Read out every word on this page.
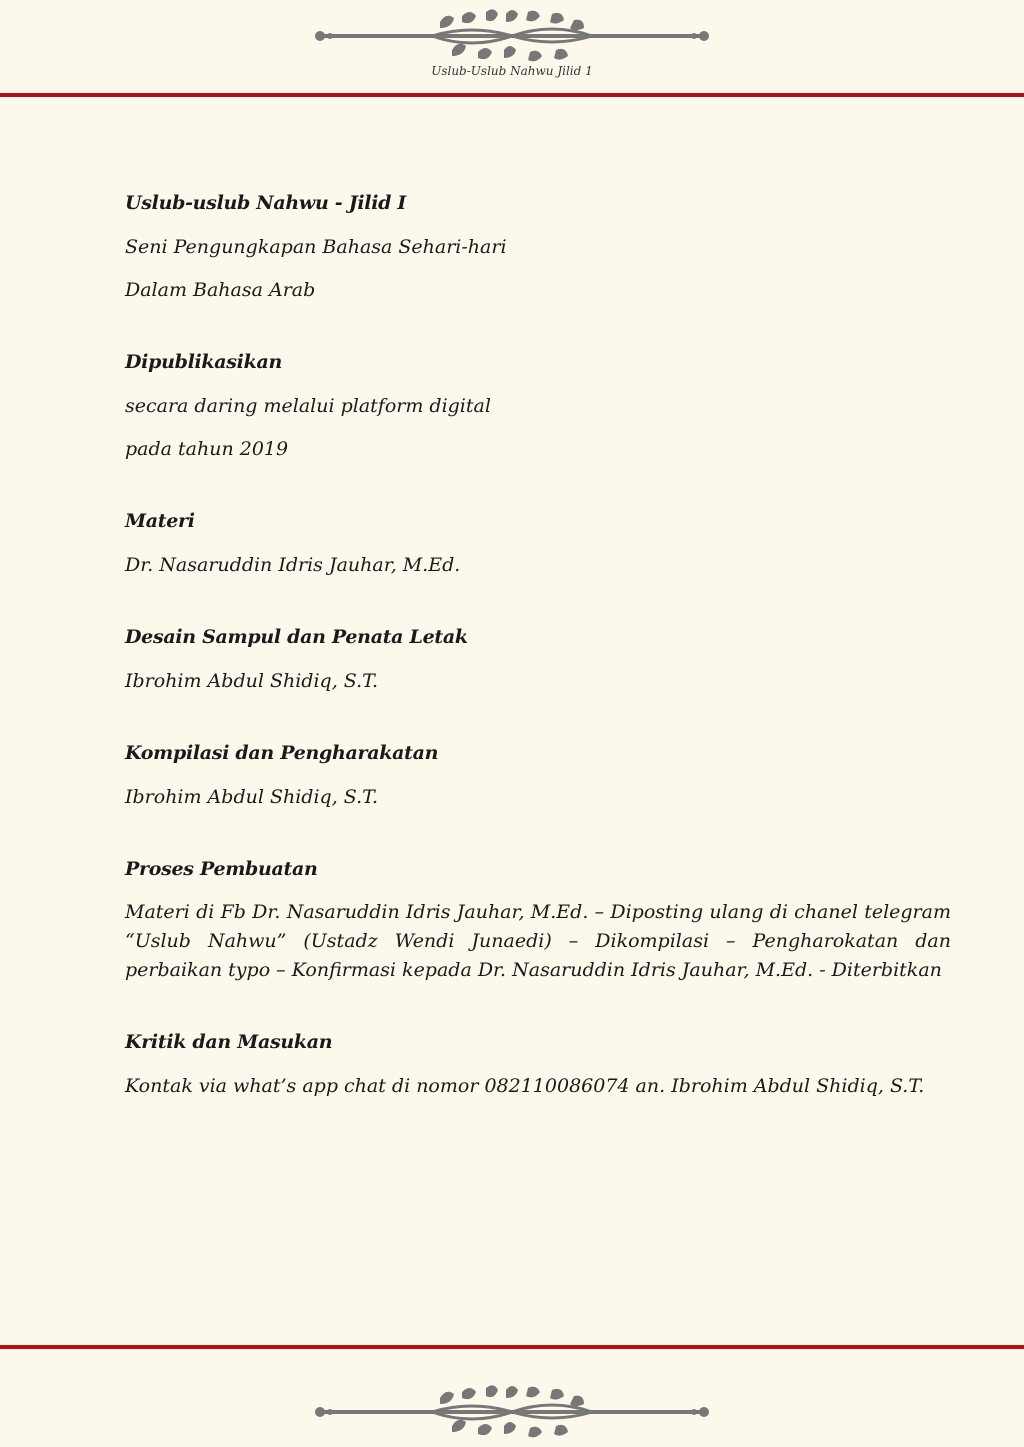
Uslub-Uslub Nahwu Jilid 1
Uslub-uslub Nahwu - Jilid I

Seni Pengungkapan Bahasa Sehari-hari

Dalam Bahasa Arab

Dipublikasikan

secara daring melalui platform digital

pada tahun 2019

Materi

Dr. Nasaruddin Idris Jauhar, M.Ed.

Desain Sampul dan Penata Letak

Ibrohim Abdul Shidiq, S.T.

Kompilasi dan Pengharakatan

Ibrohim Abdul Shidiq, S.T.

Proses Pembuatan

Materi di Fb Dr. Nasaruddin Idris Jauhar, M.Ed. – Diposting ulang di chanel telegram “Uslub Nahwu” (Ustadz Wendi Junaedi) – Dikompilasi – Pengharokatan dan perbaikan typo – Konfirmasi kepada Dr. Nasaruddin Idris Jauhar, M.Ed. - Diterbitkan

Kritik dan Masukan

Kontak via what’s app chat di nomor 082110086074 an. Ibrohim Abdul Shidiq, S.T.
